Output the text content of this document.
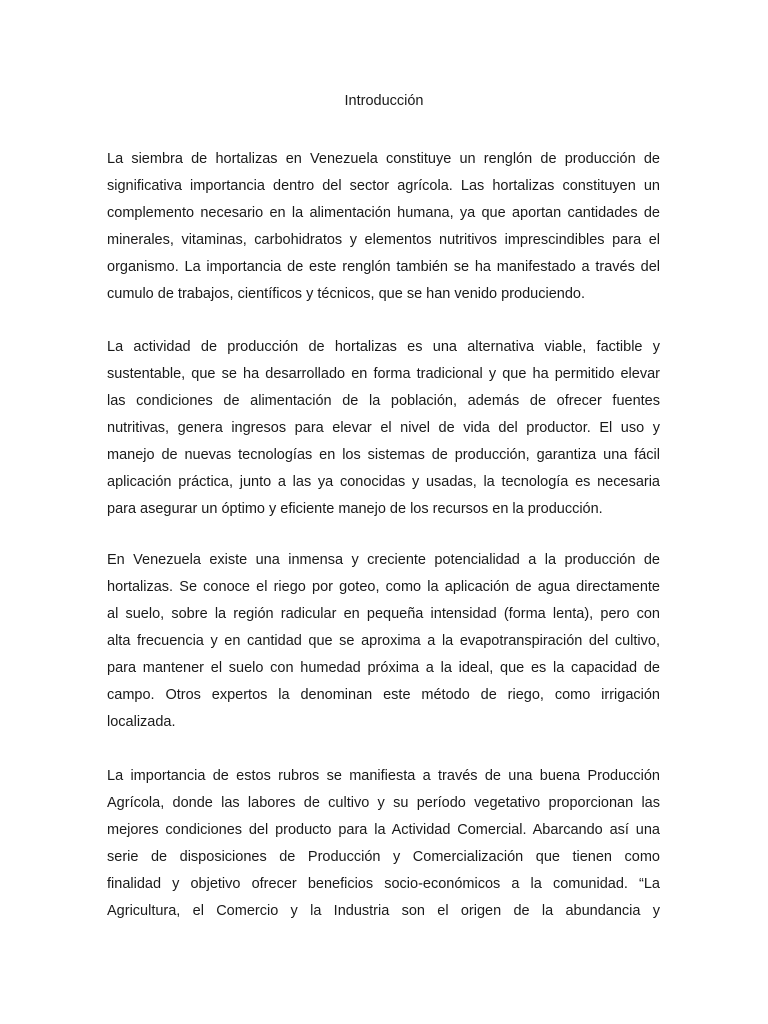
Introducción
La siembra de hortalizas en Venezuela constituye un renglón de producción de
significativa importancia dentro del sector agrícola. Las hortalizas constituyen un
complemento necesario en la alimentación humana, ya que aportan cantidades de
minerales, vitaminas, carbohidratos y elementos nutritivos imprescindibles para el
organismo. La importancia de este renglón también se ha manifestado a través del
cumulo de trabajos, científicos y técnicos, que se han venido produciendo.
La actividad de producción de hortalizas es una alternativa viable, factible y
sustentable, que se ha desarrollado en forma tradicional y que ha permitido elevar
las condiciones de alimentación de la población, además de ofrecer fuentes
nutritivas, genera ingresos para elevar el nivel de vida del productor. El uso y
manejo de nuevas tecnologías en los sistemas de producción, garantiza una fácil
aplicación práctica, junto a las ya conocidas y usadas, la tecnología es necesaria
para asegurar un óptimo y eficiente manejo de los recursos en la producción.
En Venezuela existe una inmensa y creciente potencialidad a la producción de
hortalizas. Se conoce el riego por goteo, como la aplicación de agua directamente
al suelo, sobre la región radicular en pequeña intensidad (forma lenta), pero con
alta frecuencia y en cantidad que se aproxima a la evapotranspiración del cultivo,
para mantener el suelo con humedad próxima a la ideal, que es la capacidad de
campo. Otros expertos la denominan este método de riego, como irrigación
localizada.
La importancia de estos rubros se manifiesta a través de una buena Producción
Agrícola, donde las labores de cultivo y su período vegetativo proporcionan las
mejores condiciones del producto para la Actividad Comercial. Abarcando así una
serie de disposiciones de Producción y Comercialización que tienen como
finalidad y objetivo ofrecer beneficios socio-económicos a la comunidad. “La
Agricultura, el Comercio y la Industria son el origen de la abundancia y
